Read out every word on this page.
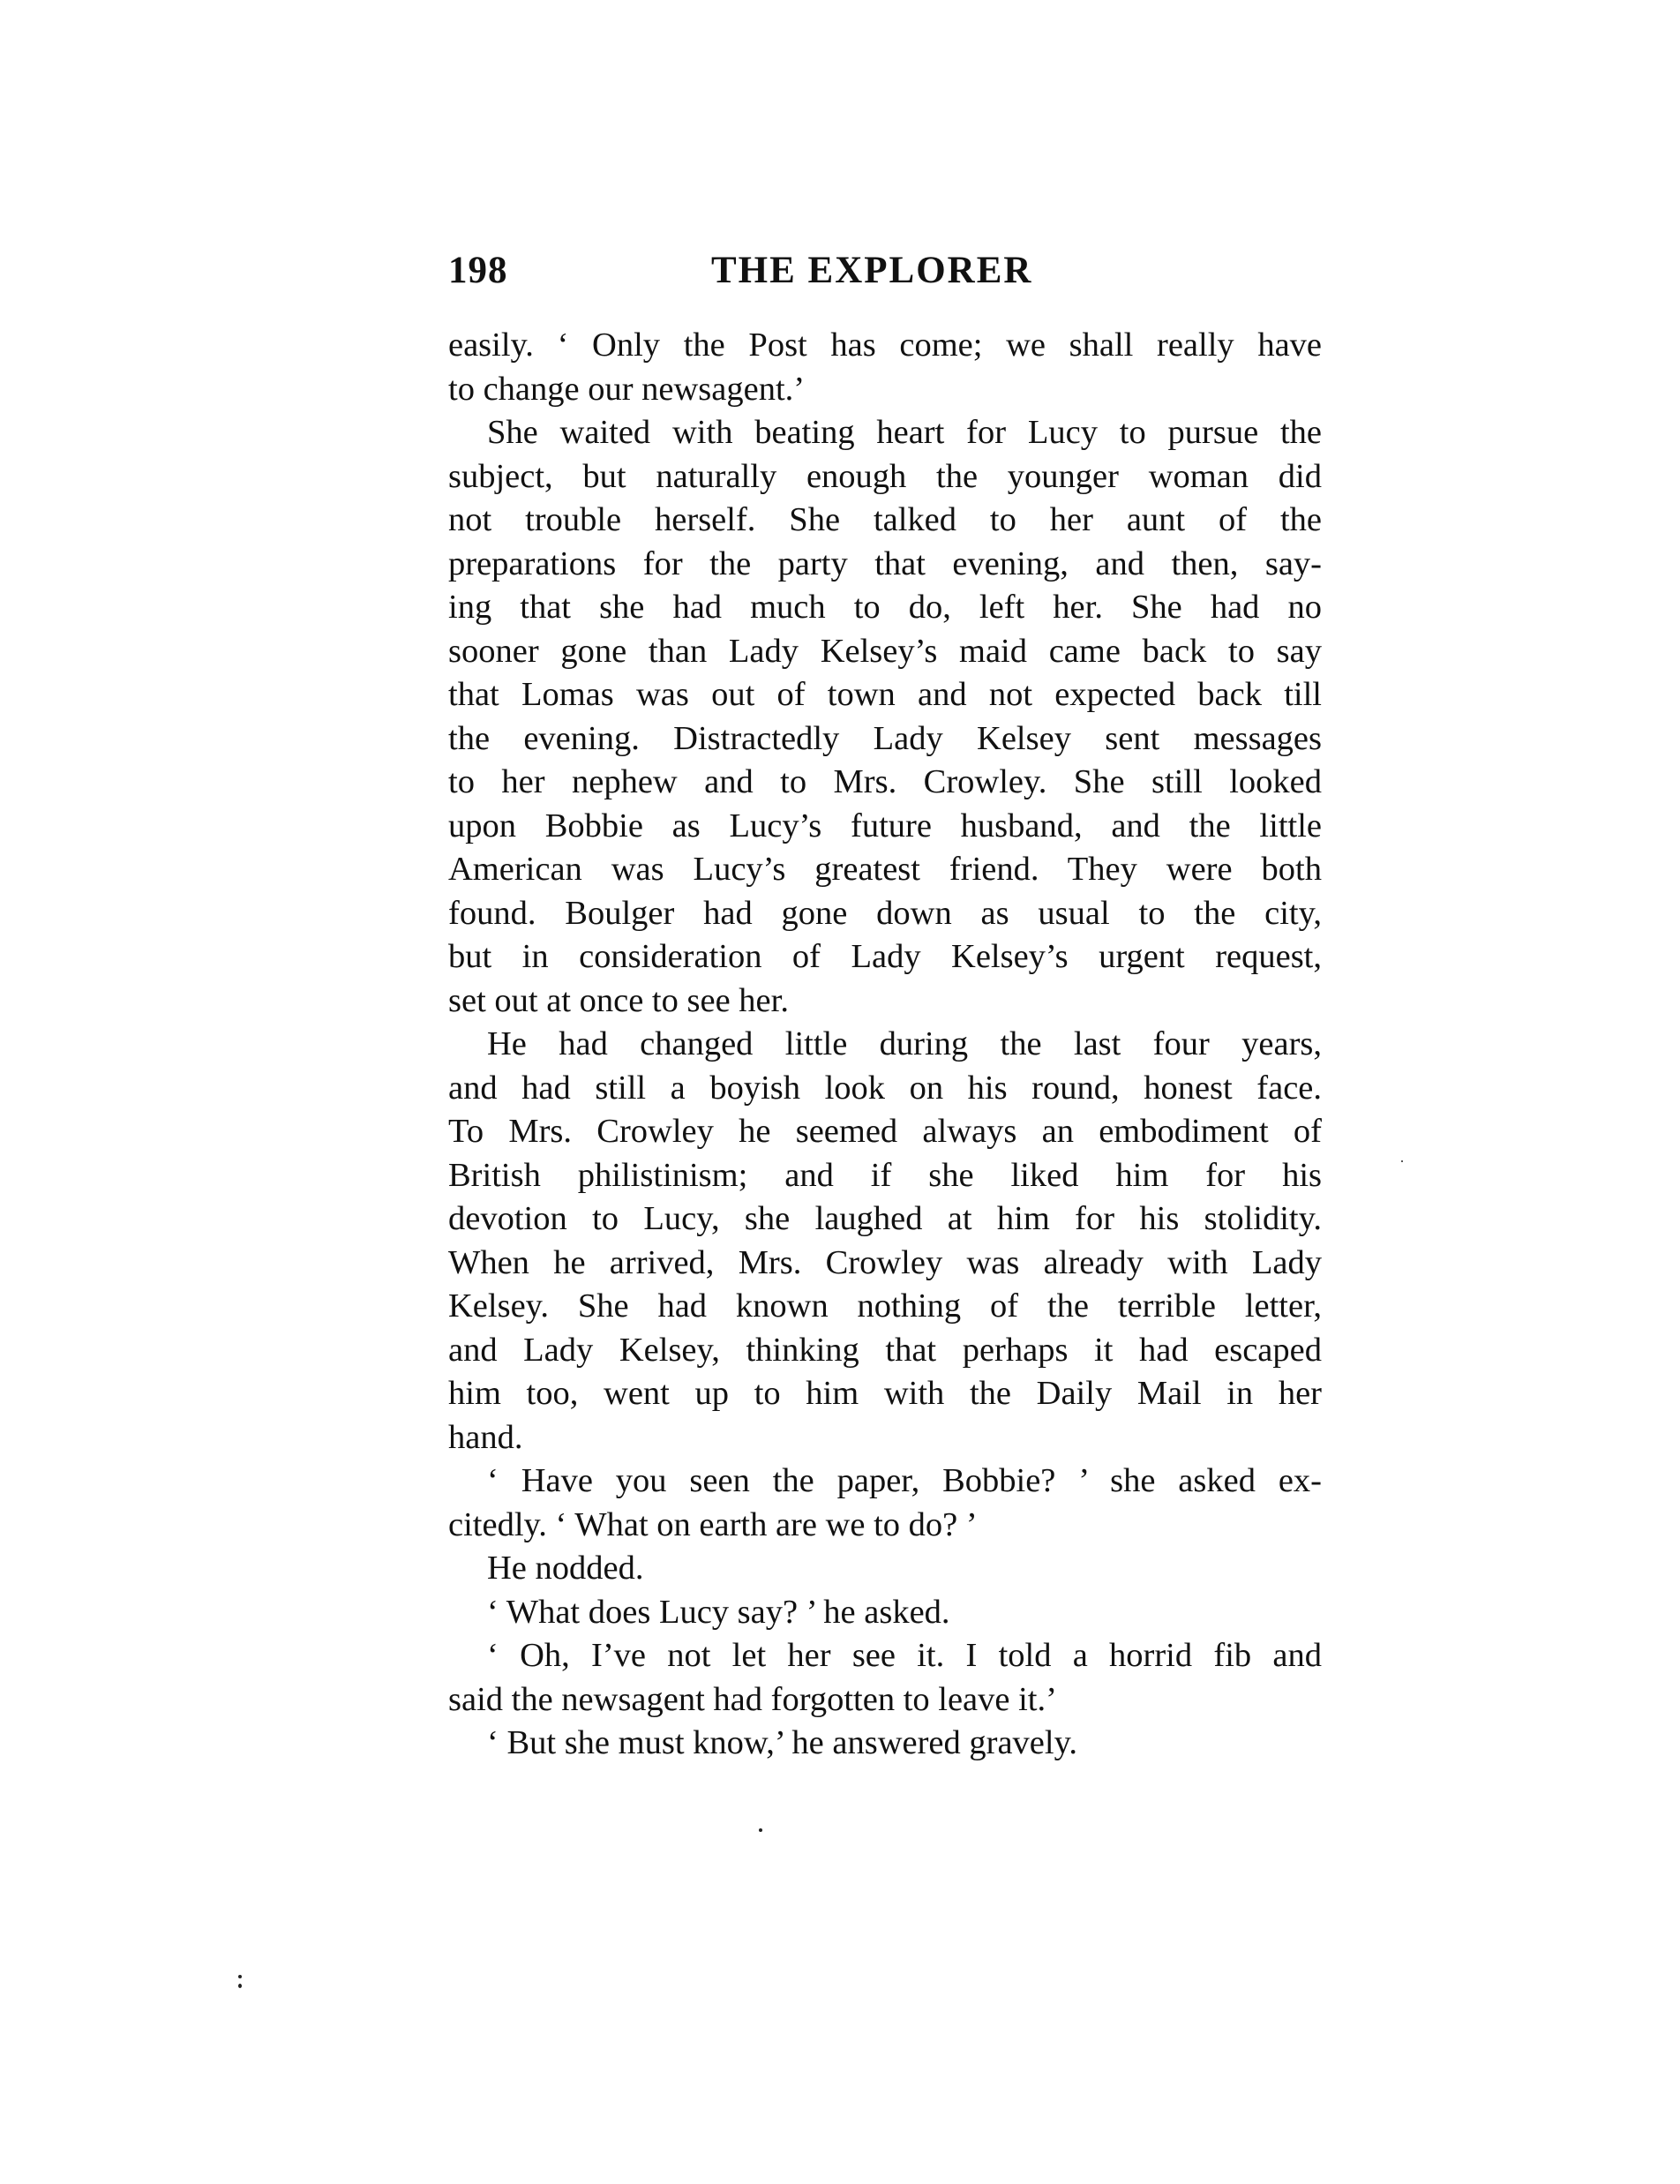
198	THE EXPLORER
easily. ‘ Only the Post has come; we shall really have
to change our newsagent.’
She waited with beating heart for Lucy to pursue the
subject, but naturally enough the younger woman did
not trouble herself. She talked to her aunt of the
preparations for the party that evening, and then, say-
ing that she had much to do, left her. She had no
sooner gone than Lady Kelsey’s maid came back to say
that Lomas was out of town and not expected back till
the evening. Distractedly Lady Kelsey sent messages
to her nephew and to Mrs. Crowley. She still looked
upon Bobbie as Lucy’s future husband, and the little
American was Lucy’s greatest friend. They were both
found. Boulger had gone down as usual to the city,
but in consideration of Lady Kelsey’s urgent request,
set out at once to see her.
He had changed little during the last four years,
and had still a boyish look on his round, honest face.
To Mrs. Crowley he seemed always an embodiment of
British philistinism; and if she liked him for his
devotion to Lucy, she laughed at him for his stolidity.
When he arrived, Mrs. Crowley was already with Lady
Kelsey. She had known nothing of the terrible letter,
and Lady Kelsey, thinking that perhaps it had escaped
him too, went up to him with the Daily Mail in her
hand.
‘ Have you seen the paper, Bobbie? ’ she asked ex-
citedly. ‘ What on earth are we to do? ’
He nodded.
‘ What does Lucy say? ’ he asked.
‘ Oh, I’ve not let her see it. I told a horrid fib and
said the newsagent had forgotten to leave it.’
‘ But she must know,’ he answered gravely.
